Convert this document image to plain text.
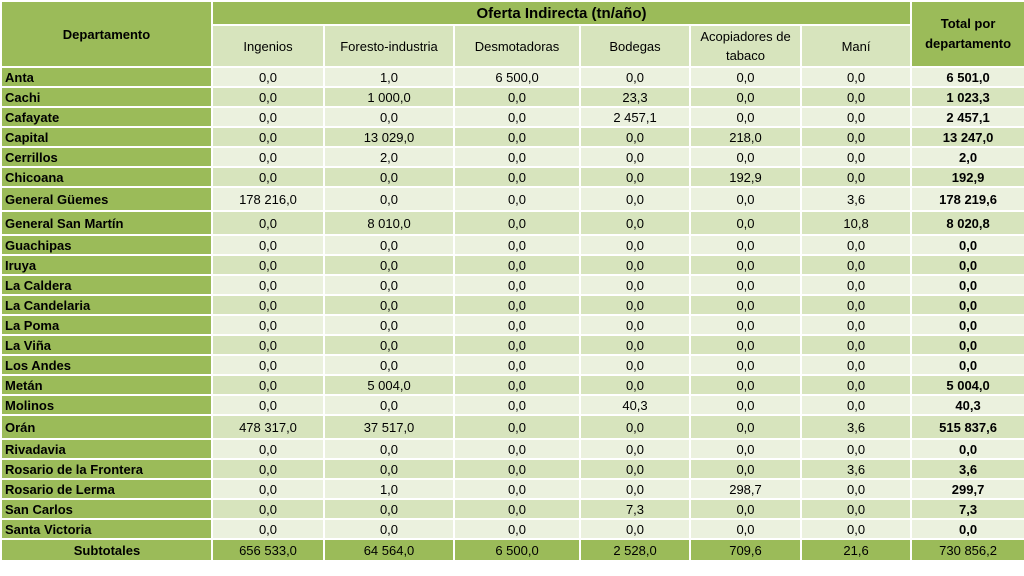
Departamento	Oferta Indirecta (tn/año)						Total por departamento
	Ingenios	Foresto-industria	Desmotadoras	Bodegas	Acopiadores de tabaco	Maní	
Anta	0,0	1,0	6 500,0	0,0	0,0	0,0	6 501,0
Cachi	0,0	1 000,0	0,0	23,3	0,0	0,0	1 023,3
Cafayate	0,0	0,0	0,0	2 457,1	0,0	0,0	2 457,1
Capital	0,0	13 029,0	0,0	0,0	218,0	0,0	13 247,0
Cerrillos	0,0	2,0	0,0	0,0	0,0	0,0	2,0
Chicoana	0,0	0,0	0,0	0,0	192,9	0,0	192,9
General Güemes	178 216,0	0,0	0,0	0,0	0,0	3,6	178 219,6
General San Martín	0,0	8 010,0	0,0	0,0	0,0	10,8	8 020,8
Guachipas	0,0	0,0	0,0	0,0	0,0	0,0	0,0
Iruya	0,0	0,0	0,0	0,0	0,0	0,0	0,0
La Caldera	0,0	0,0	0,0	0,0	0,0	0,0	0,0
La Candelaria	0,0	0,0	0,0	0,0	0,0	0,0	0,0
La Poma	0,0	0,0	0,0	0,0	0,0	0,0	0,0
La Viña	0,0	0,0	0,0	0,0	0,0	0,0	0,0
Los Andes	0,0	0,0	0,0	0,0	0,0	0,0	0,0
Metán	0,0	5 004,0	0,0	0,0	0,0	0,0	5 004,0
Molinos	0,0	0,0	0,0	40,3	0,0	0,0	40,3
Orán	478 317,0	37 517,0	0,0	0,0	0,0	3,6	515 837,6
Rivadavia	0,0	0,0	0,0	0,0	0,0	0,0	0,0
Rosario de la Frontera	0,0	0,0	0,0	0,0	0,0	3,6	3,6
Rosario de Lerma	0,0	1,0	0,0	0,0	298,7	0,0	299,7
San Carlos	0,0	0,0	0,0	7,3	0,0	0,0	7,3
Santa Victoria	0,0	0,0	0,0	0,0	0,0	0,0	0,0
Subtotales	656 533,0	64 564,0	6 500,0	2 528,0	709,6	21,6	730 856,2
